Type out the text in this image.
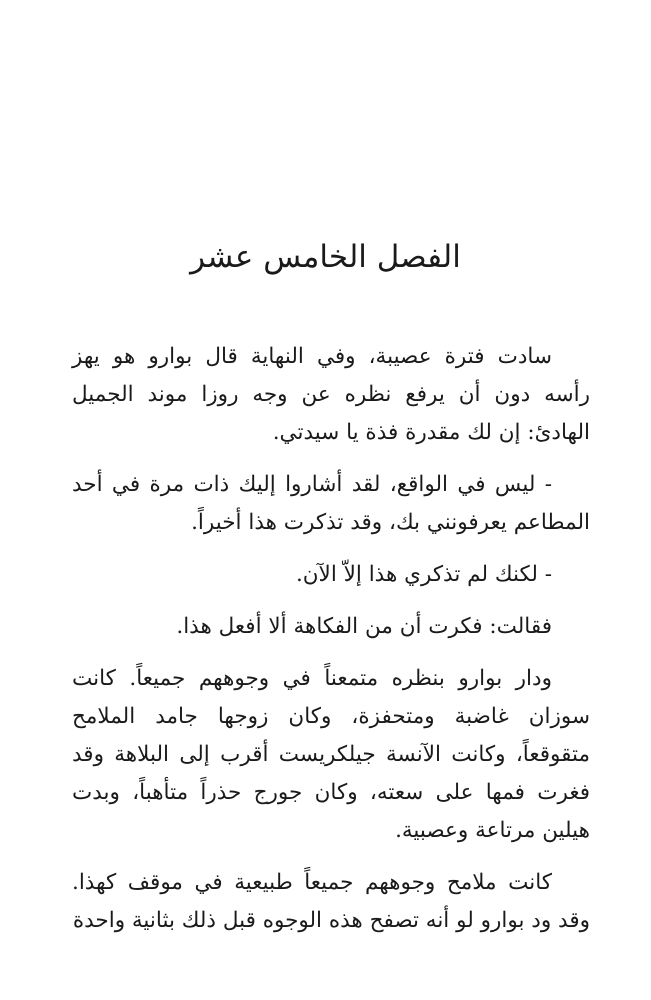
الفصل الخامس عشر

سادت فترة عصيبة، وفي النهاية قال بوارو هو يهز رأسه دون أن يرفع نظره عن وجه روزا موند الجميل الهادئ: إن لك مقدرة فذة يا سيدتي.

- ليس في الواقع، لقد أشاروا إليك ذات مرة في أحد المطاعم يعرفونني بك، وقد تذكرت هذا أخيراً.

- لكنك لم تذكري هذا إلاّ الآن.

فقالت: فكرت أن من الفكاهة ألا أفعل هذا.

ودار بوارو بنظره متمعناً في وجوههم جميعاً. كانت سوزان غاضبة ومتحفزة، وكان زوجها جامد الملامح متقوقعاً، وكانت الآنسة جيلكريست أقرب إلى البلاهة وقد فغرت فمها على سعته، وكان جورج حذراً متأهباً، وبدت هيلين مرتاعة وعصبية.

كانت ملامح وجوههم جميعاً طبيعية في موقف كهذا. وقد ود بوارو لو أنه تصفح هذه الوجوه قبل ذلك بثانية واحدة
